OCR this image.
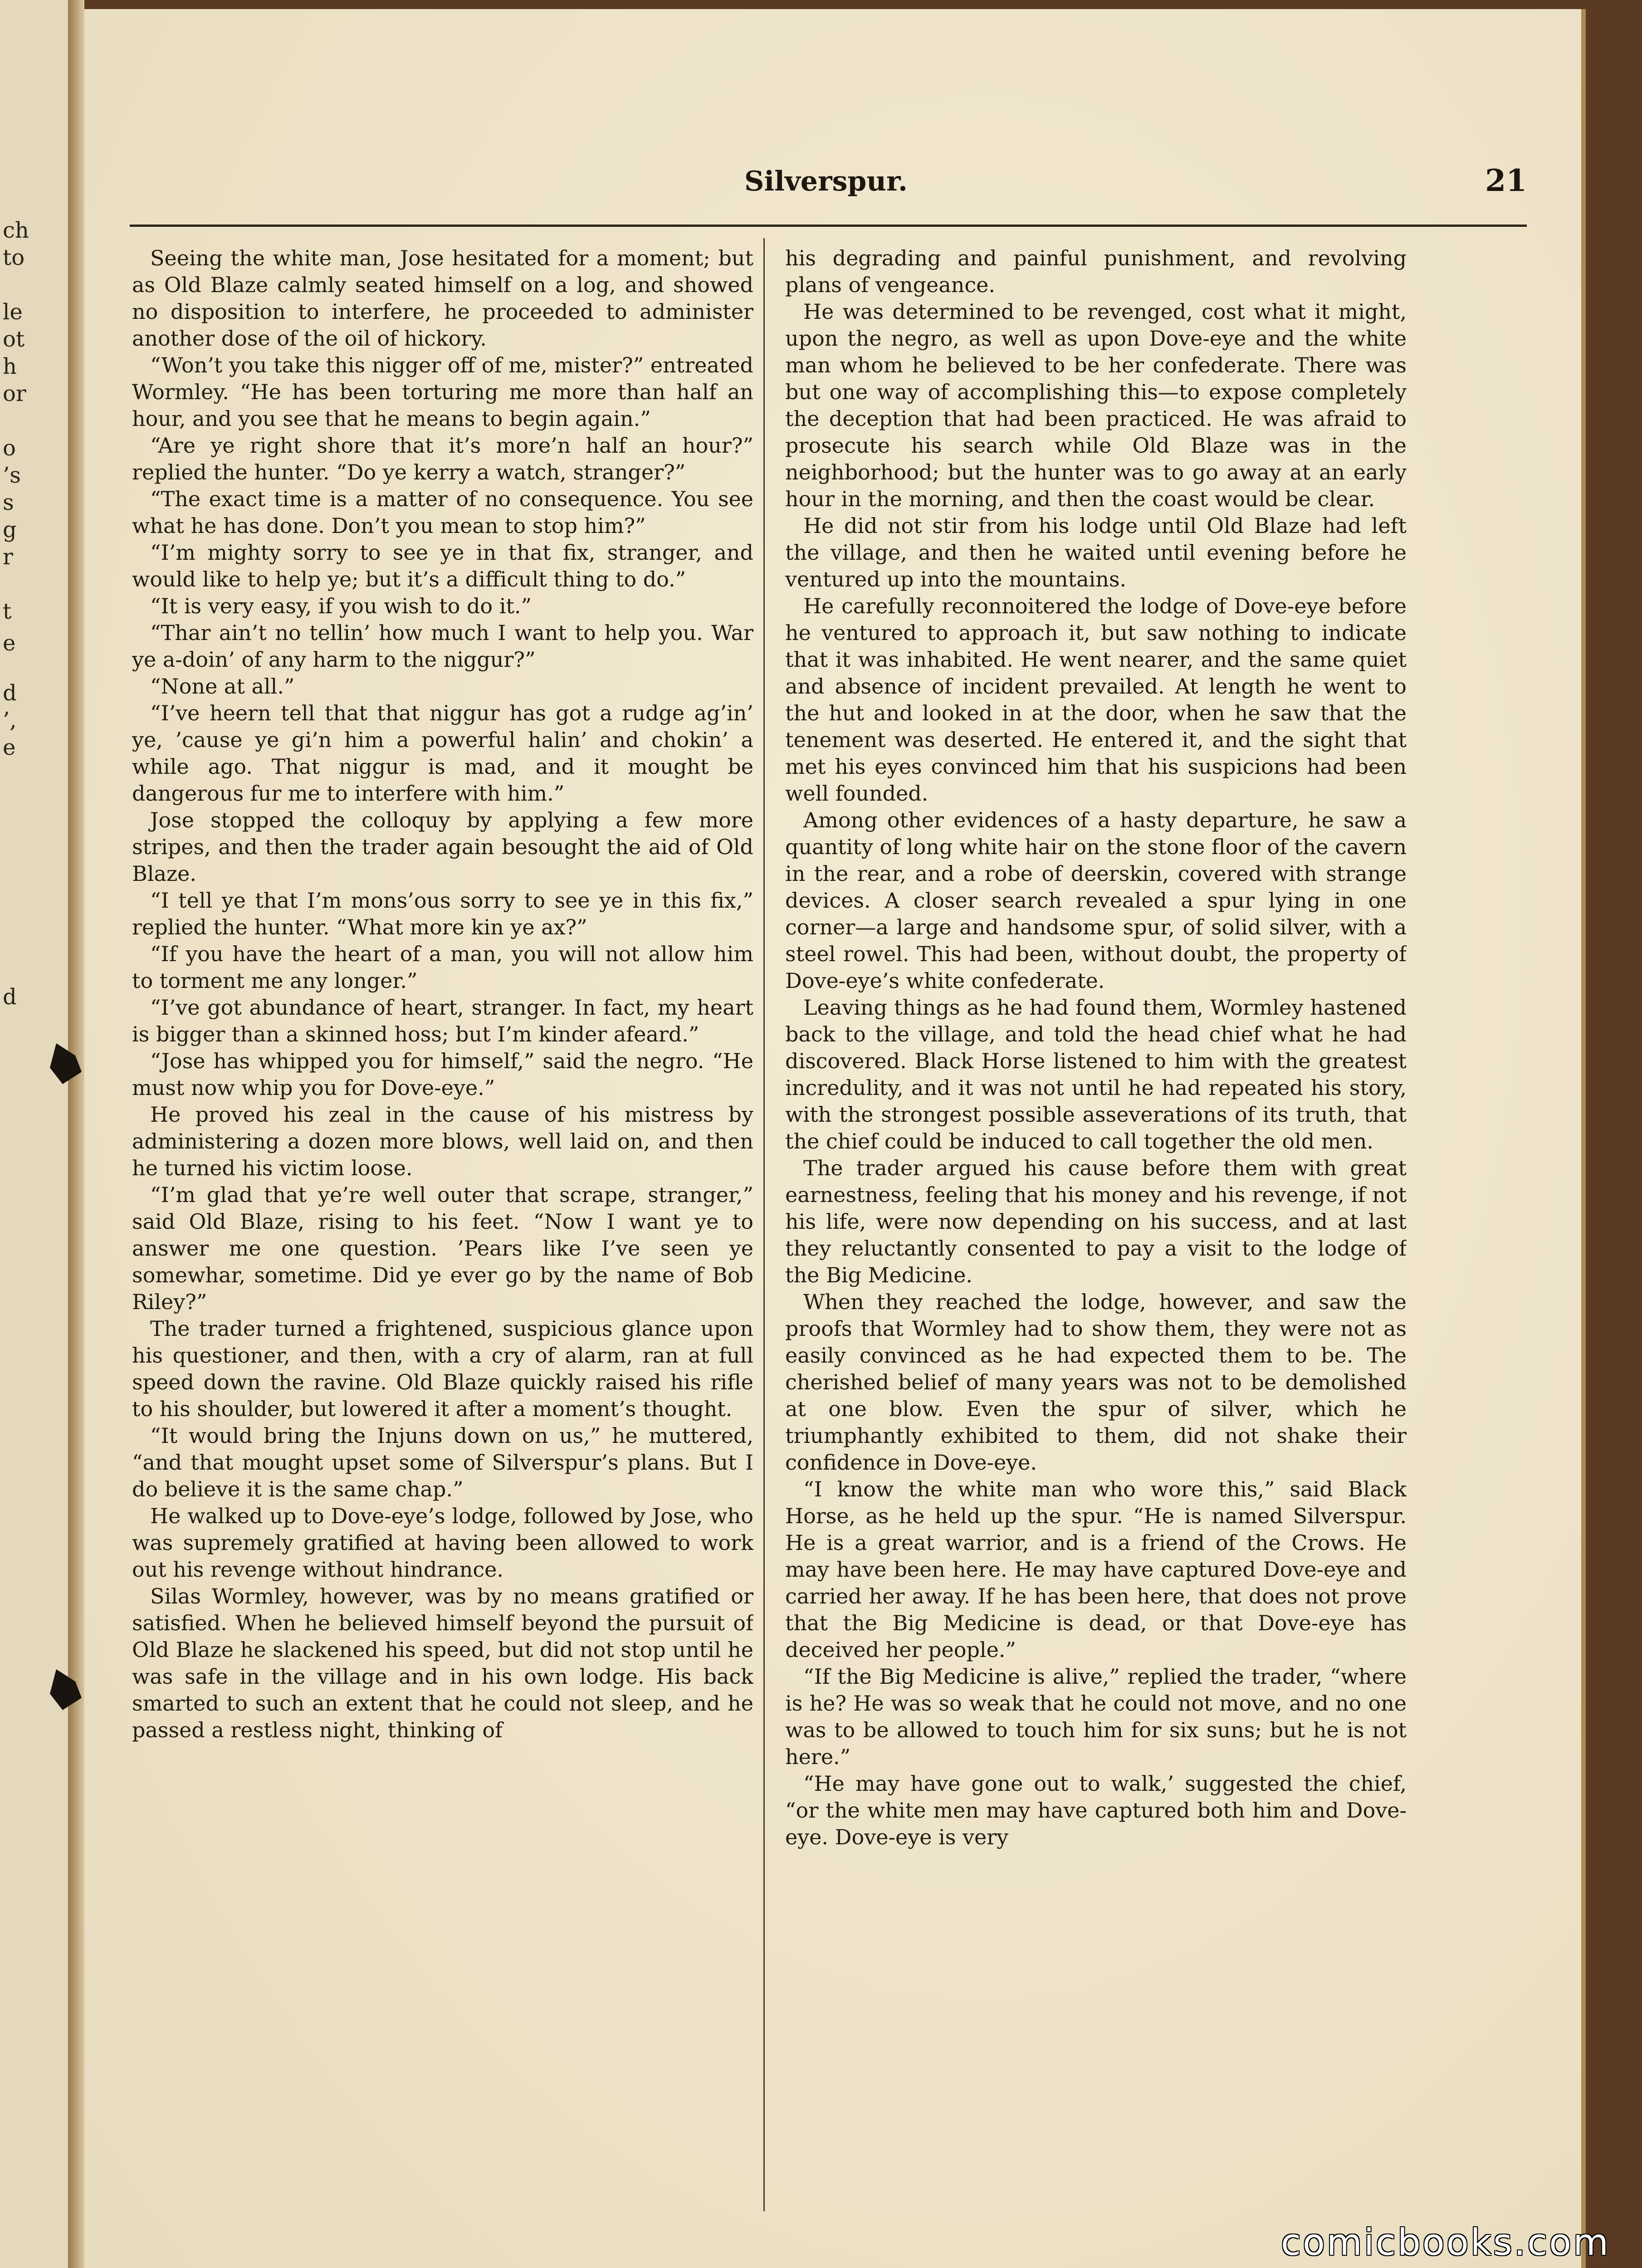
ch
to
le
ot
h
or
o
’s
s
g
r
t
e
d
’,
e
d
Silverspur.	21

Seeing the white man, Jose hesitated for a moment; but as Old Blaze calmly seated himself on a log, and showed no disposition to interfere, he proceeded to administer another dose of the oil of hickory.

“Won’t you take this nigger off of me, mister?” entreated Wormley. “He has been torturing me more than half an hour, and you see that he means to begin again.”

“Are ye right shore that it’s more’n half an hour?” replied the hunter. “Do ye kerry a watch, stranger?”

“The exact time is a matter of no consequence. You see what he has done. Don’t you mean to stop him?”

“I’m mighty sorry to see ye in that fix, stranger, and would like to help ye; but it’s a difficult thing to do.”

“It is very easy, if you wish to do it.”

“Thar ain’t no tellin’ how much I want to help you. War ye a-doin’ of any harm to the niggur?”

“None at all.”

“I’ve heern tell that that niggur has got a rudge ag’in’ ye, ’cause ye gi’n him a powerful halin’ and chokin’ a while ago. That niggur is mad, and it mought be dangerous fur me to interfere with him.”

Jose stopped the colloquy by applying a few more stripes, and then the trader again besought the aid of Old Blaze.

“I tell ye that I’m mons’ous sorry to see ye in this fix,” replied the hunter. “What more kin ye ax?”

“If you have the heart of a man, you will not allow him to torment me any longer.”

“I’ve got abundance of heart, stranger. In fact, my heart is bigger than a skinned hoss; but I’m kinder afeard.”

“Jose has whipped you for himself,” said the negro. “He must now whip you for Dove-eye.”

He proved his zeal in the cause of his mistress by administering a dozen more blows, well laid on, and then he turned his victim loose.

“I’m glad that ye’re well outer that scrape, stranger,” said Old Blaze, rising to his feet. “Now I want ye to answer me one question. ’Pears like I’ve seen ye somewhar, sometime. Did ye ever go by the name of Bob Riley?”

The trader turned a frightened, suspicious glance upon his questioner, and then, with a cry of alarm, ran at full speed down the ravine. Old Blaze quickly raised his rifle to his shoulder, but lowered it after a moment’s thought.

“It would bring the Injuns down on us,” he muttered, “and that mought upset some of Silverspur’s plans. But I do believe it is the same chap.”

He walked up to Dove-eye’s lodge, followed by Jose, who was supremely gratified at having been allowed to work out his revenge without hindrance.

Silas Wormley, however, was by no means gratified or satisfied. When he believed himself beyond the pursuit of Old Blaze he slackened his speed, but did not stop until he was safe in the village and in his own lodge. His back smarted to such an extent that he could not sleep, and he passed a restless night, thinking of

his degrading and painful punishment, and revolving plans of vengeance.

He was determined to be revenged, cost what it might, upon the negro, as well as upon Dove-eye and the white man whom he believed to be her confederate. There was but one way of accomplishing this—to expose completely the deception that had been practiced. He was afraid to prosecute his search while Old Blaze was in the neighborhood; but the hunter was to go away at an early hour in the morning, and then the coast would be clear.

He did not stir from his lodge until Old Blaze had left the village, and then he waited until evening before he ventured up into the mountains.

He carefully reconnoitered the lodge of Dove-eye before he ventured to approach it, but saw nothing to indicate that it was inhabited. He went nearer, and the same quiet and absence of incident prevailed. At length he went to the hut and looked in at the door, when he saw that the tenement was deserted. He entered it, and the sight that met his eyes convinced him that his suspicions had been well founded.

Among other evidences of a hasty departure, he saw a quantity of long white hair on the stone floor of the cavern in the rear, and a robe of deerskin, covered with strange devices. A closer search revealed a spur lying in one corner—a large and handsome spur, of solid silver, with a steel rowel. This had been, without doubt, the property of Dove-eye’s white confederate.

Leaving things as he had found them, Wormley hastened back to the village, and told the head chief what he had discovered. Black Horse listened to him with the greatest incredulity, and it was not until he had repeated his story, with the strongest possible asseverations of its truth, that the chief could be induced to call together the old men.

The trader argued his cause before them with great earnestness, feeling that his money and his revenge, if not his life, were now depending on his success, and at last they reluctantly consented to pay a visit to the lodge of the Big Medicine.

When they reached the lodge, however, and saw the proofs that Wormley had to show them, they were not as easily convinced as he had expected them to be. The cherished belief of many years was not to be demolished at one blow. Even the spur of silver, which he triumphantly exhibited to them, did not shake their confidence in Dove-eye.

“I know the white man who wore this,” said Black Horse, as he held up the spur. “He is named Silverspur. He is a great warrior, and is a friend of the Crows. He may have been here. He may have captured Dove-eye and carried her away. If he has been here, that does not prove that the Big Medicine is dead, or that Dove-eye has deceived her people.”

“If the Big Medicine is alive,” replied the trader, “where is he? He was so weak that he could not move, and no one was to be allowed to touch him for six suns; but he is not here.”

“He may have gone out to walk,’ suggested the chief, “or the white men may have captured both him and Dove-eye. Dove-eye is very

comicbooks.com
